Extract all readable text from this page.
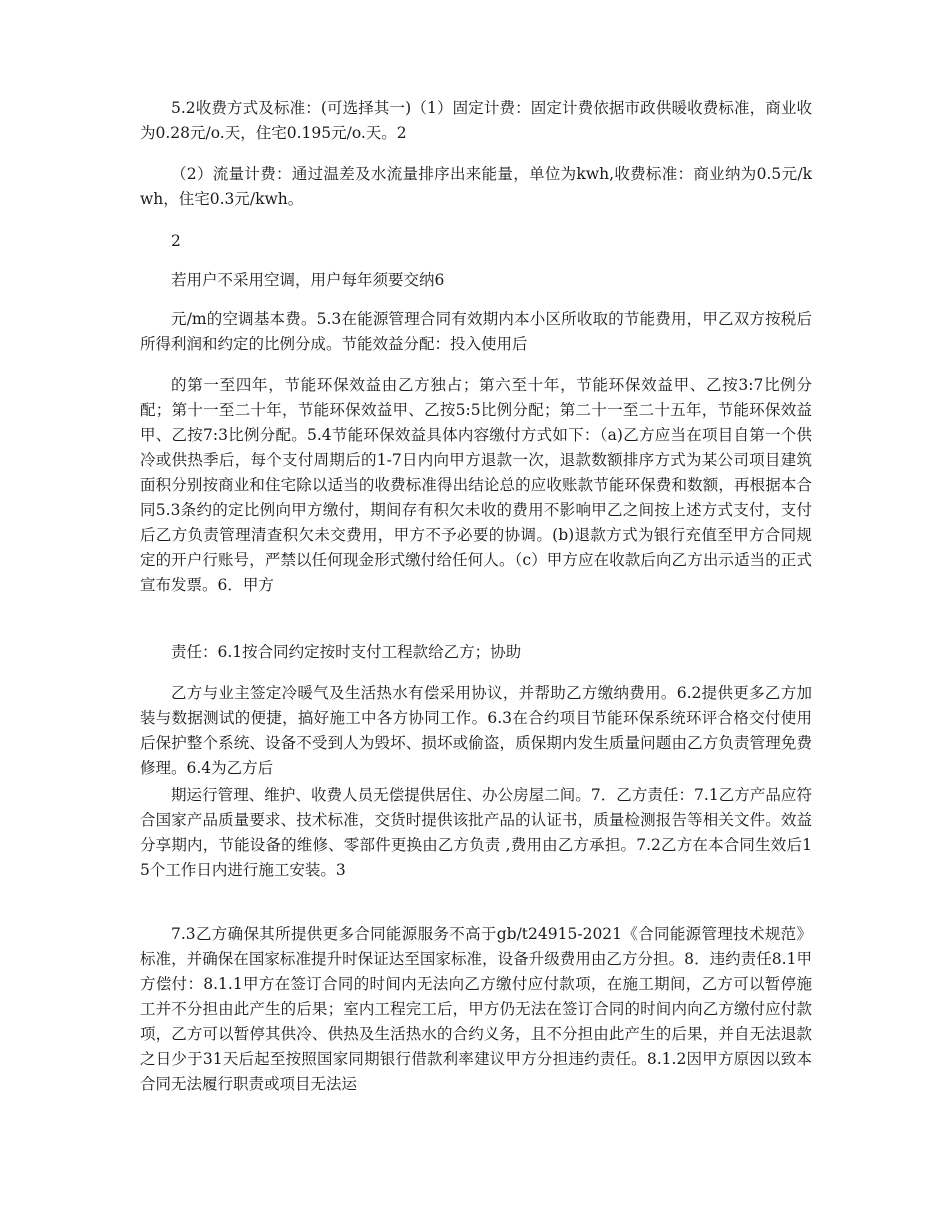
5.2收费方式及标准：(可选择其一)（1）固定计费：固定计费依据市政供暖收费标准，商业收为0.28元/o.天，住宅0.195元/o.天。2

（2）流量计费：通过温差及水流量排序出来能量，单位为kwh,收费标准：商业纳为0.5元/kwh，住宅0.3元/kwh。

2

若用户不采用空调，用户每年须要交纳6

元/m的空调基本费。5.3在能源管理合同有效期内本小区所收取的节能费用，甲乙双方按税后所得利润和约定的比例分成。节能效益分配：投入使用后

的第一至四年，节能环保效益由乙方独占；第六至十年，节能环保效益甲、乙按3:7比例分配；第十一至二十年，节能环保效益甲、乙按5:5比例分配；第二十一至二十五年，节能环保效益甲、乙按7:3比例分配。5.4节能环保效益具体内容缴付方式如下：（a)乙方应当在项目自第一个供冷或供热季后，每个支付周期后的1-7日内向甲方退款一次，退款数额排序方式为某公司项目建筑面积分别按商业和住宅除以适当的收费标准得出结论总的应收账款节能环保费和数额，再根据本合同5.3条约的定比例向甲方缴付，期间存有积欠未收的费用不影响甲乙之间按上述方式支付，支付后乙方负责管理清查积欠未交费用，甲方不予必要的协调。(b)退款方式为银行充值至甲方合同规定的开户行账号，严禁以任何现金形式缴付给任何人。（c）甲方应在收款后向乙方出示适当的正式宣布发票。6．甲方

责任：6.1按合同约定按时支付工程款给乙方；协助

乙方与业主签定冷暖气及生活热水有偿采用协议，并帮助乙方缴纳费用。6.2提供更多乙方加装与数据测试的便捷，搞好施工中各方协同工作。6.3在合约项目节能环保系统环评合格交付使用后保护整个系统、设备不受到人为毁坏、损坏或偷盗，质保期内发生质量问题由乙方负责管理免费修理。6.4为乙方后

期运行管理、维护、收费人员无偿提供居住、办公房屋二间。7．乙方责任：7.1乙方产品应符合国家产品质量要求、技术标准，交货时提供该批产品的认证书，质量检测报告等相关文件。效益分享期内，节能设备的维修、零部件更换由乙方负责 ,费用由乙方承担。7.2乙方在本合同生效后15个工作日内进行施工安装。3

7.3乙方确保其所提供更多合同能源服务不高于gb/t24915-2021《合同能源管理技术规范》标准，并确保在国家标准提升时保证达至国家标准，设备升级费用由乙方分担。8．违约责任8.1甲方偿付：8.1.1甲方在签订合同的时间内无法向乙方缴付应付款项，在施工期间，乙方可以暂停施工并不分担由此产生的后果；室内工程完工后，甲方仍无法在签订合同的时间内向乙方缴付应付款项，乙方可以暂停其供冷、供热及生活热水的合约义务，且不分担由此产生的后果，并自无法退款之日少于31天后起至按照国家同期银行借款利率建议甲方分担违约责任。8.1.2因甲方原因以致本合同无法履行职责或项目无法运
